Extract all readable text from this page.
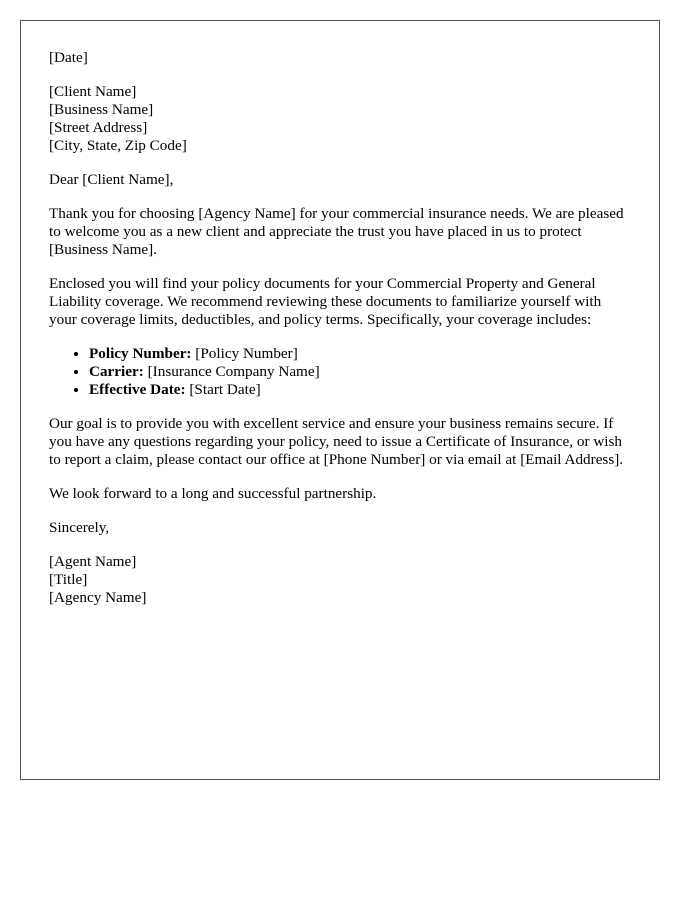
[Date]
[Client Name]
[Business Name]
[Street Address]
[City, State, Zip Code]

Dear [Client Name],

Thank you for choosing [Agency Name] for your commercial insurance needs. We are pleased to welcome you as a new client and appreciate the trust you have placed in us to protect [Business Name].

Enclosed you will find your policy documents for your Commercial Property and General Liability coverage. We recommend reviewing these documents to familiarize yourself with your coverage limits, deductibles, and policy terms. Specifically, your coverage includes:

• Policy Number: [Policy Number]
• Carrier: [Insurance Company Name]
• Effective Date: [Start Date]

Our goal is to provide you with excellent service and ensure your business remains secure. If you have any questions regarding your policy, need to issue a Certificate of Insurance, or wish to report a claim, please contact our office at [Phone Number] or via email at [Email Address].

We look forward to a long and successful partnership.

Sincerely,

[Agent Name]
[Title]
[Agency Name]
